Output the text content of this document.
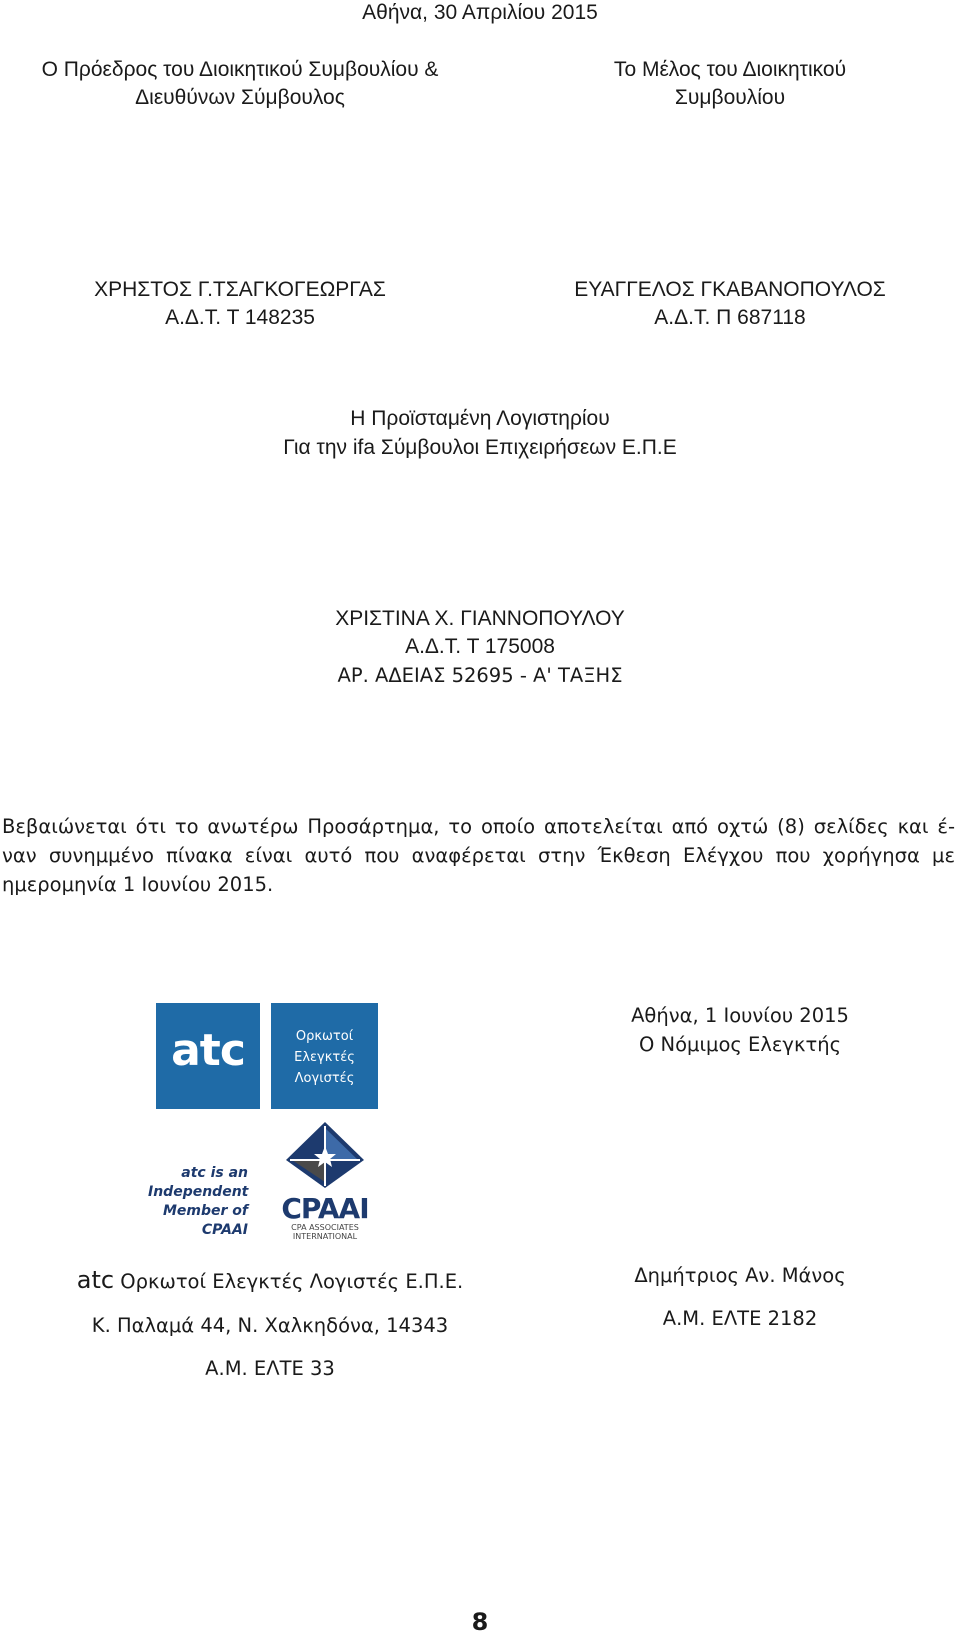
Αθήνα, 30 Απριλίου 2015
Ο Πρόεδρος του Διοικητικού Συμβουλίου &
Διευθύνων Σύμβουλος
ΧΡΗΣΤΟΣ Γ.ΤΣΑΓΚΟΓΕΩΡΓΑΣ
Α.Δ.Τ. Τ 148235
Το Μέλος του Διοικητικού
Συμβουλίου
ΕΥΑΓΓΕΛΟΣ ΓΚΑΒΑΝΟΠΟΥΛΟΣ
Α.Δ.Τ. Π 687118
Η Προϊσταμένη Λογιστηρίου
Για την ifa Σύμβουλοι Επιχειρήσεων Ε.Π.Ε
ΧΡΙΣΤΙΝΑ Χ. ΓΙΑΝΝΟΠΟΥΛΟΥ
Α.Δ.Τ. Τ 175008
ΑΡ. ΑΔΕΙΑΣ 52695 - Α' ΤΑΞΗΣ
Βεβαιώνεται ότι το ανωτέρω Προσάρτημα, το οποίο αποτελείται από οχτώ (8) σελίδες και έ-
ναν συνημμένο πίνακα είναι αυτό που αναφέρεται στην Έκθεση Ελέγχου που χορήγησα με
ημερομηνία 1 Ιουνίου 2015.
atc	Ορκωτοί
Ελεγκτές
Λογιστές
atc is an
Independent
Member of
CPAAI
CPAAI
CPA ASSOCIATES
INTERNATIONAL
Αθήνα, 1 Ιουνίου 2015
Ο Νόμιμος Ελεγκτής
Δημήτριος Αν. Μάνος
Α.Μ. ΕΛΤΕ 2182
atc Ορκωτοί Ελεγκτές Λογιστές Ε.Π.Ε.
Κ. Παλαμά 44, Ν. Χαλκηδόνα, 14343
Α.Μ. ΕΛΤΕ 33
8
